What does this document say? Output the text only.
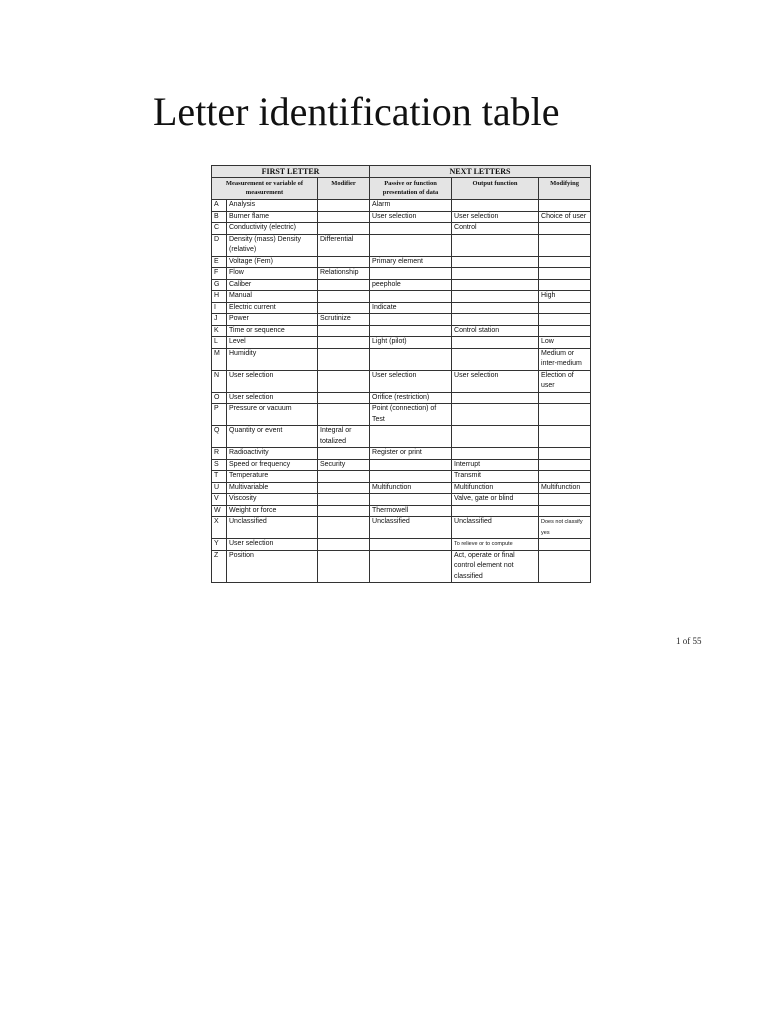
Letter identification table
FIRST LETTER			NEXT LETTERS		
Measurement or variable of measurement		Modifier	Passive or function presentation of data	Output function	Modifying
A	Analysis		Alarm		
B	Burner flame		User selection	User selection	Choice of user
C	Conductivity (electric)			Control	
D	Density (mass) Density (relative)	Differential			
E	Voltage (Fem)		Primary element		
F	Flow	Relationship			
G	Caliber		peephole		
H	Manual				High
I	Electric current		Indicate		
J	Power	Scrutinize			
K	Time or sequence			Control station	
L	Level		Light (pilot)		Low
M	Humidity				Medium or inter-medium
N	User selection		User selection	User selection	Election of user
O	User selection		Orifice (restriction)		
P	Pressure or vacuum		Point (connection) of Test		
Q	Quantity or event	Integral or totalized			
R	Radioactivity		Register or print		
S	Speed or frequency	Security		Interrupt	
T	Temperature			Transmit	
U	Multivariable		Multifunction	Multifunction	Multifunction
V	Viscosity			Valve, gate or blind	
W	Weight or force		Thermowell		
X	Unclassified		Unclassified	Unclassified	Does not classify yes
Y	User selection			To relieve or to compute	
Z	Position			Act, operate or final control element not classified	
1 of 55
